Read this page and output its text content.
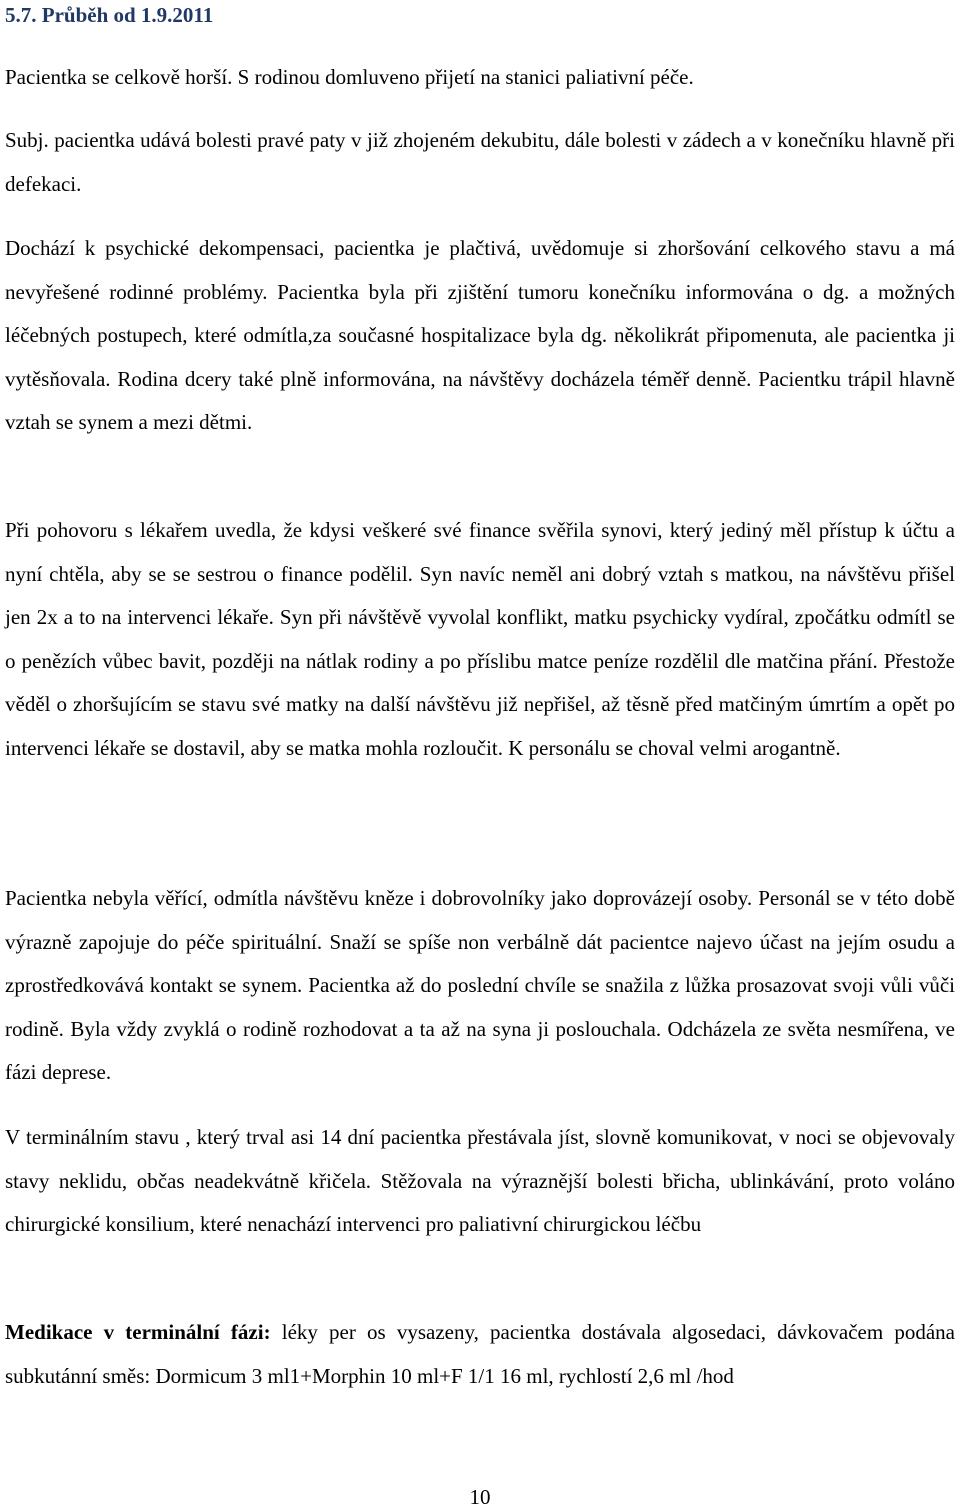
5.7. Průběh od 1.9.2011

Pacientka se celkově horší. S rodinou domluveno přijetí na stanici paliativní péče.

Subj. pacientka udává bolesti pravé paty v již zhojeném dekubitu, dále bolesti v zádech a v konečníku hlavně při defekaci.

Dochází k psychické dekompensaci, pacientka je plačtivá, uvědomuje si zhoršování celkového stavu a má nevyřešené rodinné problémy. Pacientka byla při zjištění tumoru konečníku informována o dg. a možných léčebných postupech, které odmítla,za současné hospitalizace byla dg. několikrát připomenuta, ale pacientka ji vytěsňovala. Rodina dcery také plně informována, na návštěvy docházela téměř denně. Pacientku trápil hlavně vztah se synem a mezi dětmi.

Při pohovoru s lékařem uvedla, že kdysi veškeré své finance svěřila synovi, který jediný měl přístup k účtu a nyní chtěla, aby se se sestrou o finance podělil. Syn navíc neměl ani dobrý vztah s matkou, na návštěvu přišel jen 2x a to na intervenci lékaře. Syn při návštěvě vyvolal konflikt, matku psychicky vydíral, zpočátku odmítl se o penězích vůbec bavit, později na nátlak rodiny a po příslibu matce peníze rozdělil dle matčina přání. Přestože věděl o zhoršujícím se stavu své matky na další návštěvu již nepřišel, až těsně před matčiným úmrtím a opět po intervenci lékaře se dostavil, aby se matka mohla rozloučit. K personálu se choval velmi arogantně.

Pacientka nebyla věřící, odmítla návštěvu kněze i dobrovolníky jako doprovázejí osoby. Personál se v této době výrazně zapojuje do péče spirituální. Snaží se spíše non verbálně dát pacientce najevo účast na jejím osudu a zprostředkovává kontakt se synem. Pacientka až do poslední chvíle se snažila z lůžka prosazovat svoji vůli vůči rodině. Byla vždy zvyklá o rodině rozhodovat a ta až na syna ji poslouchala. Odcházela ze světa nesmířena, ve fázi deprese.

V terminálním stavu , který trval asi 14 dní pacientka přestávala jíst, slovně komunikovat, v noci se objevovaly stavy neklidu, občas neadekvátně křičela. Stěžovala na výraznější bolesti břicha, ublinkávání, proto voláno chirurgické konsilium, které nenachází intervenci pro paliativní chirurgickou léčbu

Medikace v terminální fázi: léky per os vysazeny, pacientka dostávala algosedaci, dávkovačem podána subkutánní směs: Dormicum 3 ml1+Morphin 10 ml+F 1/1 16 ml, rychlostí 2,6 ml /hod

10
